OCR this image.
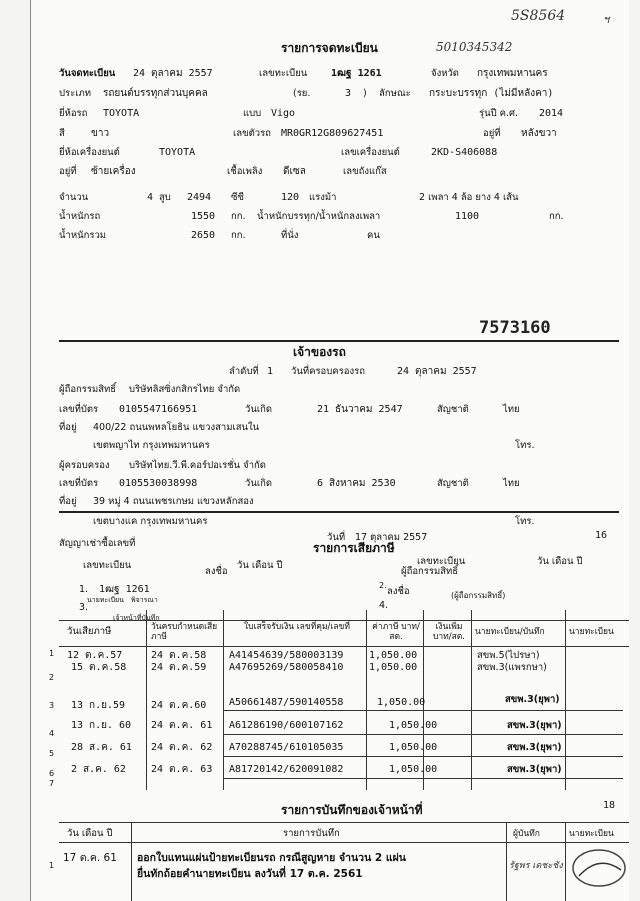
5S8564	ฯ
รายการจดทะเบียน	5010345342
วันจดทะเบียน 24 ตุลาคม 2557	เลขทะเบียน 1ฒฐ 1261	จังหวัด กรุงเทพมหานคร
ประเภท รถยนต์บรรทุกส่วนบุคคล	(รย.	3 ) ลักษณะ กระบะบรรทุก (ไม่มีหลังคา)
ยี่ห้อรถ TOYOTA	แบบ Vigo	รุ่นปี ค.ศ. 2014
สี	ขาว	เลขตัวรถ MR0GR12G809627451	อยู่ที่ หลังขวา
ยี่ห้อเครื่องยนต์	TOYOTA	เลขเครื่องยนต์	2KD-S406088
อยู่ที่ ซ้ายเครื่อง	เชื้อเพลิง ดีเซล	เลขถังแก๊ส
จำนวน	4 สูบ 2494 ซีซี	120 แรงม้า	2 เพลา 4 ล้อ ยาง 4 เส้น
น้ำหนักรถ	1550 กก. น้ำหนักบรรทุก/น้ำหนักลงเพลา	1100	กก.
น้ำหนักรวม	2650 กก.	ที่นั่ง	คน
7573160
เจ้าของรถ
ลำดับที่ 1 วันที่ครอบครองรถ	24 ตุลาคม 2557
ผู้ถือกรรมสิทธิ์ บริษัทลิสซิ่งกสิกรไทย จำกัด
เลขที่บัตร 0105547166951	วันเกิด	21 ธันวาคม 2547	สัญชาติ	ไทย
ที่อยู่ 400/22 ถนนพหลโยธิน แขวงสามเสนใน
เขตพญาไท กรุงเทพมหานคร	โทร.
ผู้ครอบครอง บริษัทไทย.วี.พี.คอร์ปอเรชั่น จำกัด
เลขที่บัตร 0105530038998	วันเกิด	6 สิงหาคม 2530	สัญชาติ	ไทย
ที่อยู่ 39 หมู่ 4 ถนนเพชรเกษม แขวงหลักสอง
เขตบางแค กรุงเทพมหานคร	โทร.
สัญญาเช่าซื้อเลขที่
วันที่ 17 ตุลาคม 2557	16
รายการเสียภาษี
เลขทะเบียน
ลงชื่อ
วัน เดือน ปี	เลขทะเบียน
ผู้ถือกรรมสิทธิ์
วัน เดือน ปี
1. 1ฒฐ 1261
นายทะเบียน พิจารณา
2.
ลงชื่อ
3.
เจ้าหน้าที่บันทึก
4.
(ผู้ถือกรรมสิทธิ์)
วันเสียภาษี	วันครบกำหนดเสียภาษี
ใบเสร็จรับเงิน เลขที่คุม/เลขที่	ค่าภาษี บาท/สต.
เงินเพิ่ม บาท/สต.	นายทะเบียน/บันทึก	นายทะเบียน
12 ต.ค.57	24 ต.ค.58 A41454639/580003139	1,050.00	สขพ.5(ไปรษา)
15 ต.ค.58 24 ต.ค.59 A47695269/580058410	1,050.00	สขพ.3(แพรกษา)
13 ก.ย.59	24 ต.ค.60 A50661487/590140558	1,050.00	สขพ.3(ยุพา)
13 ก.ย. 60 24 ต.ค. 61 A61286190/600107162	1,050.00	สขพ.3(ยุพา)
28 ส.ค. 61 24 ต.ค. 62 A70288745/610105035	1,050.00	สขพ.3(ยุพา)
2 ส.ค. 62	24 ต.ค. 63 A81720142/620091082	1,050.00	สขพ.3(ยุพา)
1
2
3
4
5
6
7
รายการบันทึกของเจ้าหน้าที่	18
วัน เดือน ปี	รายการบันทึก	ผู้บันทึก	นายทะเบียน
1
17 ต.ค. 61 ออกใบแทนแผ่นป้ายทะเบียนรถ กรณีสูญหาย จำนวน 2 แผ่น
ยื่นทักถ้อยคำนายทะเบียน ลงวันที่ 17 ต.ค. 2561
รัฐพร เดชะชัง
